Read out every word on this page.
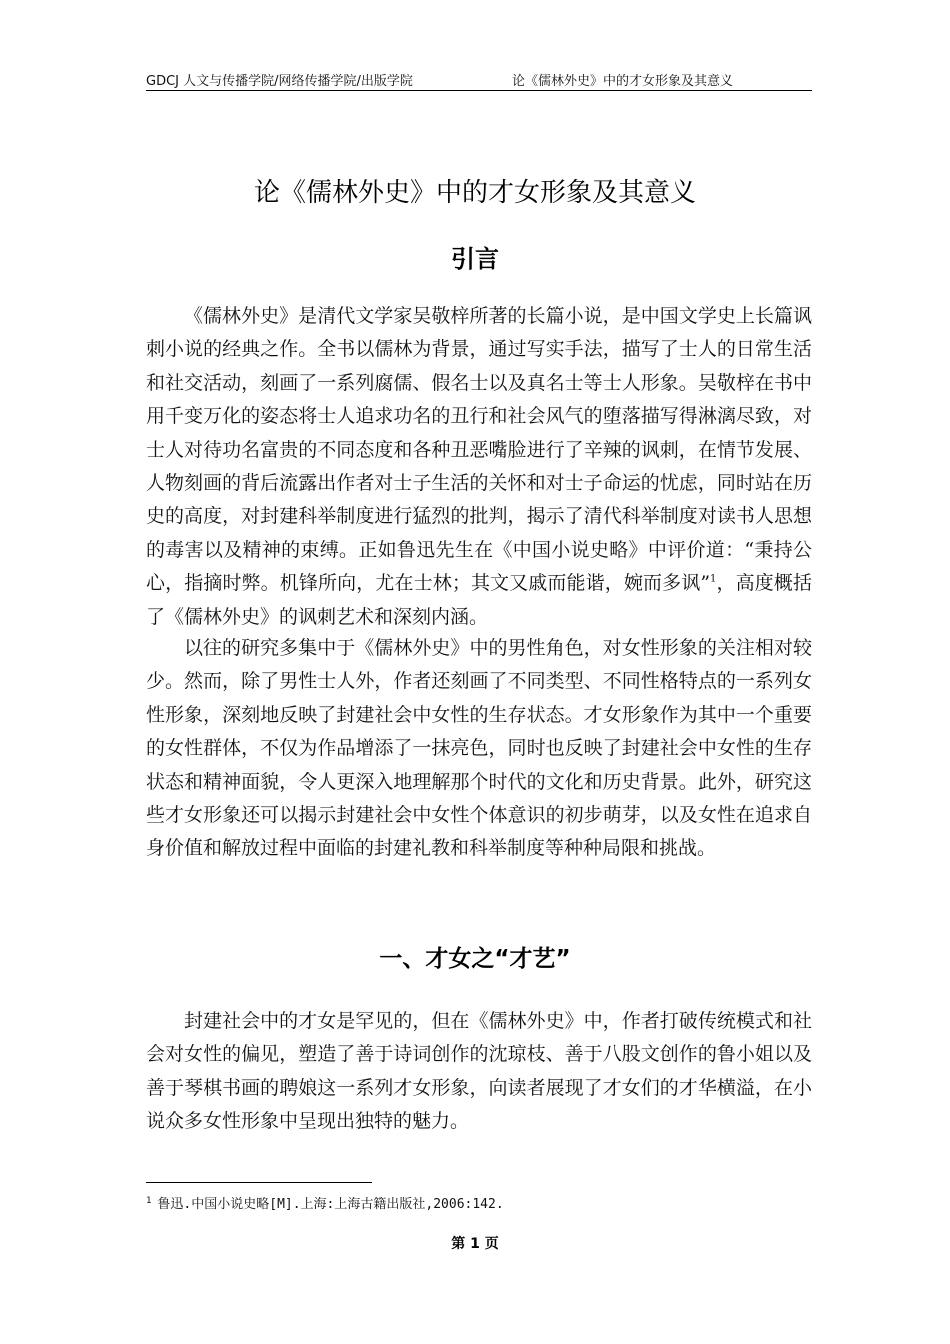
GDCJ 人文与传播学院/网络传播学院/出版学院	论《儒林外史》中的才女形象及其意义
论《儒林外史》中的才女形象及其意义
引言

《儒林外史》是清代文学家吴敬梓所著的长篇小说，是中国文学史上长篇讽刺小说的经典之作。全书以儒林为背景，通过写实手法，描写了士人的日常生活和社交活动，刻画了一系列腐儒、假名士以及真名士等士人形象。吴敬梓在书中用千变万化的姿态将士人追求功名的丑行和社会风气的堕落描写得淋漓尽致，对士人对待功名富贵的不同态度和各种丑恶嘴脸进行了辛辣的讽刺，在情节发展、人物刻画的背后流露出作者对士子生活的关怀和对士子命运的忧虑，同时站在历史的高度，对封建科举制度进行猛烈的批判，揭示了清代科举制度对读书人思想的毒害以及精神的束缚。正如鲁迅先生在《中国小说史略》中评价道：“秉持公心，指摘时弊。机锋所向，尤在士林；其文又戚而能谐，婉而多讽”$^1$，高度概括了《儒林外史》的讽刺艺术和深刻内涵。

以往的研究多集中于《儒林外史》中的男性角色，对女性形象的关注相对较少。然而，除了男性士人外，作者还刻画了不同类型、不同性格特点的一系列女性形象，深刻地反映了封建社会中女性的生存状态。才女形象作为其中一个重要的女性群体，不仅为作品增添了一抹亮色，同时也反映了封建社会中女性的生存状态和精神面貌，令人更深入地理解那个时代的文化和历史背景。此外，研究这些才女形象还可以揭示封建社会中女性个体意识的初步萌芽，以及女性在追求自身价值和解放过程中面临的封建礼教和科举制度等种种局限和挑战。

一、才女之“才艺”

封建社会中的才女是罕见的，但在《儒林外史》中，作者打破传统模式和社会对女性的偏见，塑造了善于诗词创作的沈琼枝、善于八股文创作的鲁小姐以及善于琴棋书画的聘娘这一系列才女形象，向读者展现了才女们的才华横溢，在小说众多女性形象中呈现出独特的魅力。

$^1$ 鲁迅.中国小说史略[M].上海:上海古籍出版社,2006:142.
第 1 页
